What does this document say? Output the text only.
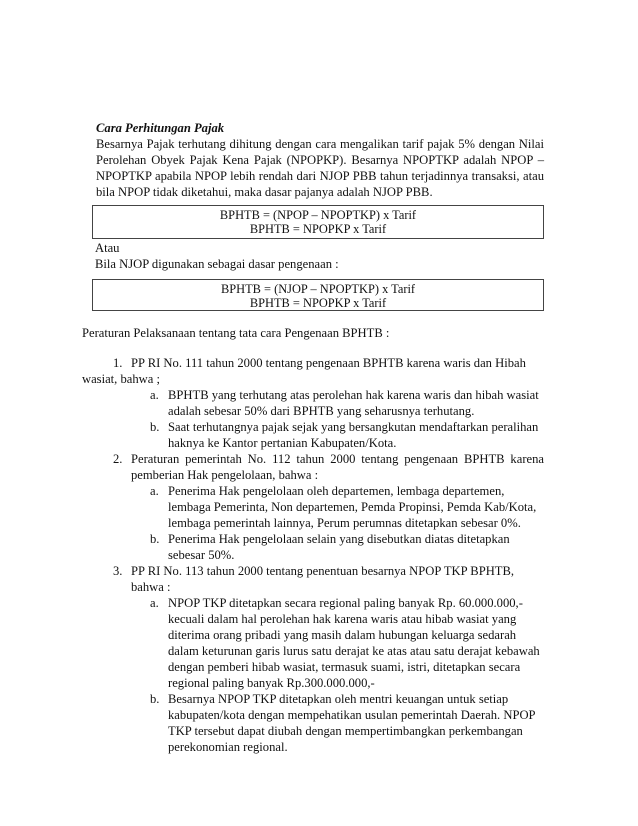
Cara Perhitungan Pajak
Besarnya Pajak terhutang dihitung dengan cara mengalikan tarif pajak 5% dengan Nilai
Perolehan Obyek Pajak Kena Pajak (NPOPKP). Besarnya NPOPTKP adalah NPOP –
NPOPTKP apabila NPOP lebih rendah dari NJOP PBB tahun terjadinnya transaksi, atau
bila NPOP tidak diketahui, maka dasar pajanya adalah NJOP PBB.
BPHTB = (NPOP – NPOPTKP) x Tarif
BPHTB = NPOPKP x Tarif
Atau
Bila NJOP digunakan sebagai dasar pengenaan :
BPHTB = (NJOP – NPOPTKP) x Tarif
BPHTB = NPOPKP x Tarif
Peraturan Pelaksanaan tentang tata cara Pengenaan BPHTB :
1. PP RI No. 111 tahun 2000 tentang pengenaan BPHTB karena waris dan Hibah
wasiat, bahwa ;
a. BPHTB yang terhutang atas perolehan hak karena waris dan hibah wasiat
adalah sebesar 50% dari BPHTB yang seharusnya terhutang.
b. Saat terhutangnya pajak sejak yang bersangkutan mendaftarkan peralihan
haknya ke Kantor pertanian Kabupaten/Kota.
2. Peraturan pemerintah No. 112 tahun 2000 tentang pengenaan BPHTB karena
pemberian Hak pengelolaan, bahwa :
a. Penerima Hak pengelolaan oleh departemen, lembaga departemen,
lembaga Pemerinta, Non departemen, Pemda Propinsi, Pemda Kab/Kota,
lembaga pemerintah lainnya, Perum perumnas ditetapkan sebesar 0%.
b. Penerima Hak pengelolaan selain yang disebutkan diatas ditetapkan
sebesar 50%.
3. PP RI No. 113 tahun 2000 tentang penentuan besarnya NPOP TKP BPHTB,
bahwa :
a. NPOP TKP ditetapkan secara regional paling banyak Rp. 60.000.000,-
kecuali dalam hal perolehan hak karena waris atau hibab wasiat yang
diterima orang pribadi yang masih dalam hubungan keluarga sedarah
dalam keturunan garis lurus satu derajat ke atas atau satu derajat kebawah
dengan pemberi hibab wasiat, termasuk suami, istri, ditetapkan secara
regional paling banyak Rp.300.000.000,-
b. Besarnya NPOP TKP ditetapkan oleh mentri keuangan untuk setiap
kabupaten/kota dengan mempehatikan usulan pemerintah Daerah. NPOP
TKP tersebut dapat diubah dengan mempertimbangkan perkembangan
perekonomian regional.
